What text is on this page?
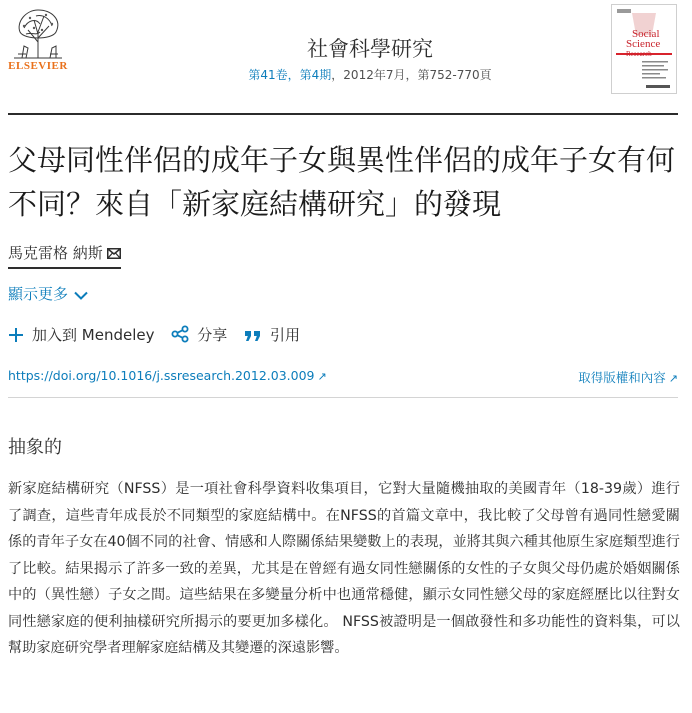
ELSEVIER
社會科學研究
第41卷，第4期，2012年7月，第752-770頁
Social
Science
Research
父母同性伴侶的成年子女與異性伴侶的成年子女有何不同？來自「新家庭結構研究」的發現
馬克雷格 納斯
顯示更多
加入到 Mendeley	分享	引用
https://doi.org/10.1016/j.ssresearch.2012.03.009 ↗	取得版權和內容 ↗
抽象的

新家庭結構研究（NFSS）是一項社會科學資料收集項目，它對大量隨機抽取的美國青年（18-39歲）進行了調查，這些青年成長於不同類型的家庭結構中。在NFSS的首篇文章中，我比較了父母曾有過同性戀愛關係的青年子女在40個不同的社會、情感和人際關係結果變數上的表現，並將其與六種其他原生家庭類型進行了比較。結果揭示了許多一致的差異，尤其是在曾經有過女同性戀關係的女性的子女與父母仍處於婚姻關係中的（異性戀）子女之間。這些結果在多變量分析中也通常穩健，顯示女同性戀父母的家庭經歷比以往對女同性戀家庭的便利抽樣研究所揭示的要更加多樣化。 NFSS被證明是一個啟發性和多功能性的資料集，可以幫助家庭研究學者理解家庭結構及其變遷的深遠影響。
